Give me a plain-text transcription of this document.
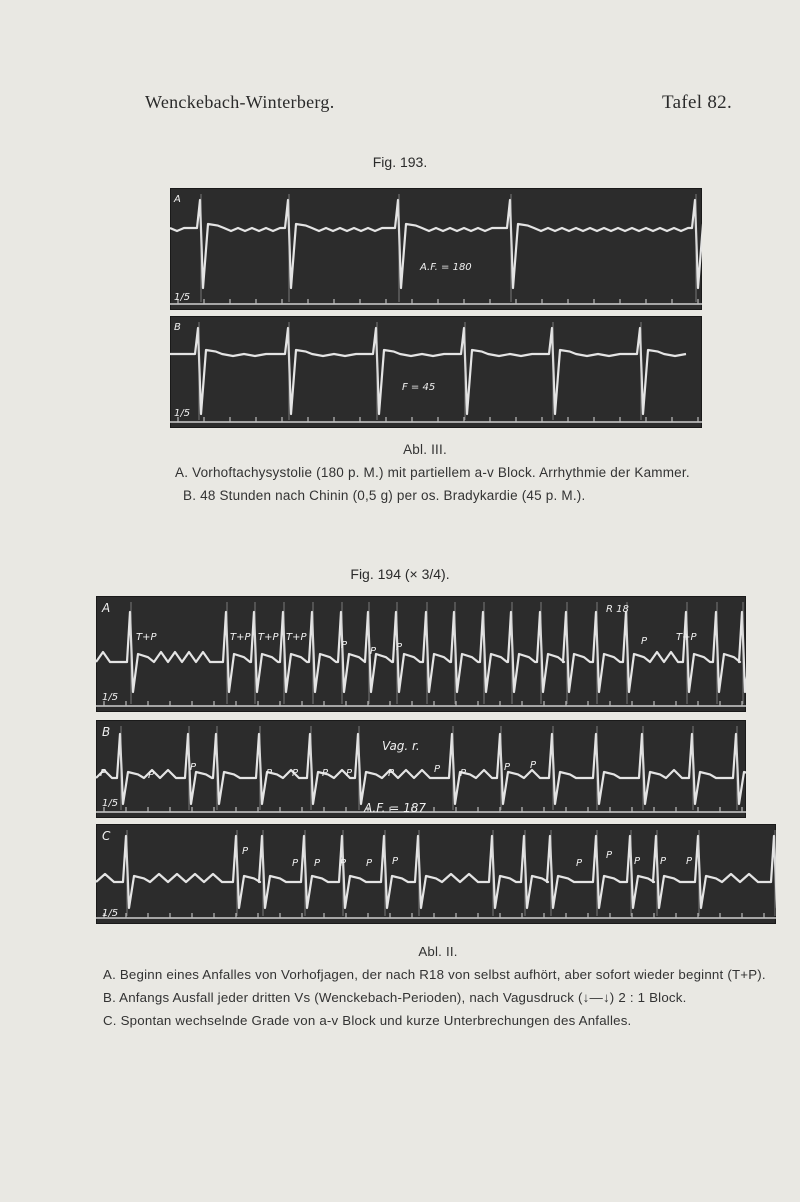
Wenckebach-Winterberg.	Tafel 82.
Fig. 193.
A
A.F. = 180
1/5
B
F = 45
1/5

Abl. III.

A. Vorhoftachysystolie (180 p. M.) mit partiellem a-v Block. Arrhythmie der Kammer.

B. 48 Stunden nach Chinin (0,5 g) per os. Bradykardie (45 p. M.).

Fig. 194 (× 3/4).
A
T+P	T+P T+P T+P
P
P P
P	T+P
R 18
1/5
B
Vag. r.
A.F. = 187
P	P
P
P P P P	P	P P
P P
1/5
C
P
P P P P P	P
P
P P P
1/5

Abl. II.

A. Beginn eines Anfalles von Vorhofjagen, der nach R18 von selbst aufhört, aber sofort wieder beginnt (T+P).

B. Anfangs Ausfall jeder dritten Vs (Wenckebach-Perioden), nach Vagusdruck (↓—↓) 2 : 1 Block.

C. Spontan wechselnde Grade von a-v Block und kurze Unterbrechungen des Anfalles.
